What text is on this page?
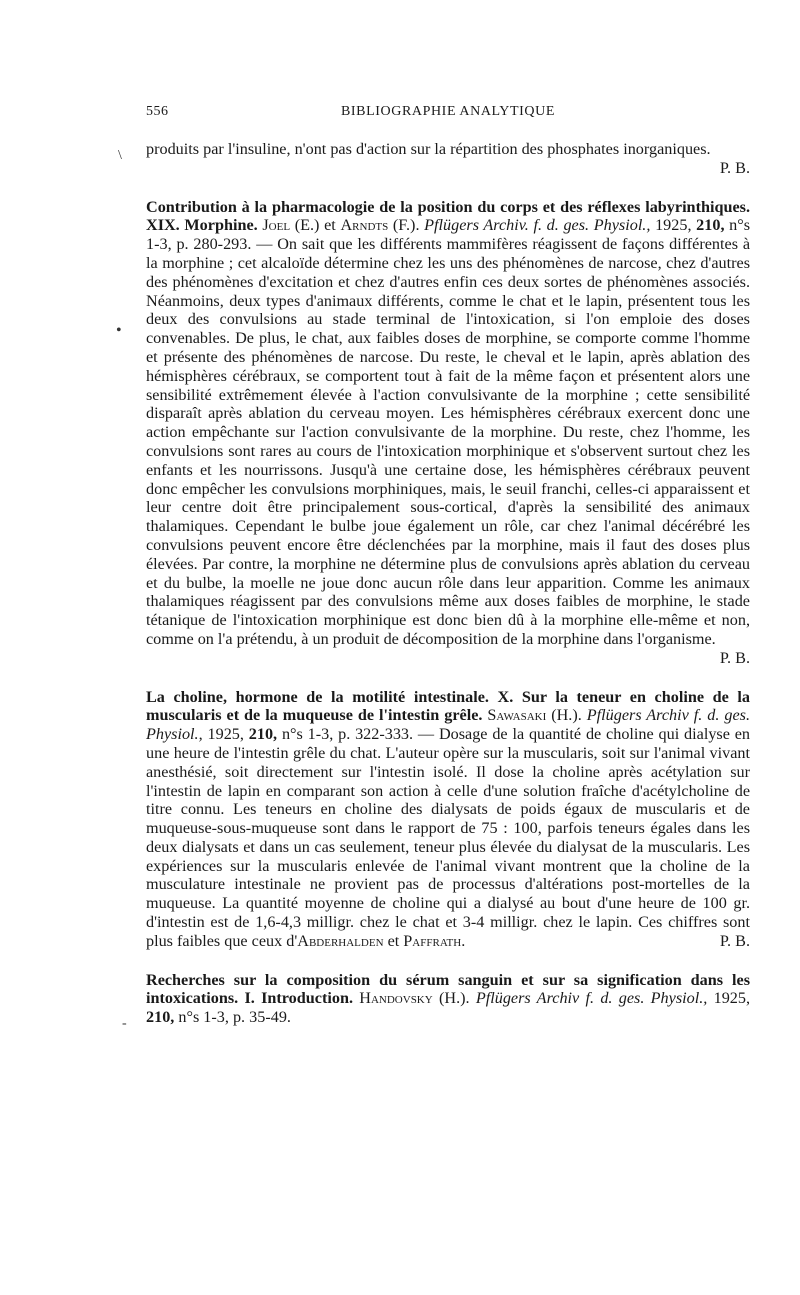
\
•
-
556	BIBLIOGRAPHIE ANALYTIQUE

produits par l'insuline, n'ont pas d'action sur la répartition des phosphates inorganiques.
P. B.

Contribution à la pharmacologie de la position du corps et des réflexes labyrinthiques. XIX. Morphine. Joel (E.) et Arndts (F.). Pflügers Archiv. f. d. ges. Physiol., 1925, 210, n°s 1-3, p. 280-293. — On sait que les différents mammifères réagissent de façons différentes à la morphine ; cet alcaloïde détermine chez les uns des phénomènes de narcose, chez d'autres des phénomènes d'excitation et chez d'autres enfin ces deux sortes de phénomènes associés. Néanmoins, deux types d'animaux différents, comme le chat et le lapin, présentent tous les deux des convulsions au stade terminal de l'intoxication, si l'on emploie des doses convenables. De plus, le chat, aux faibles doses de morphine, se comporte comme l'homme et présente des phénomènes de narcose. Du reste, le cheval et le lapin, après ablation des hémisphères cérébraux, se comportent tout à fait de la même façon et présentent alors une sensibilité extrêmement élevée à l'action convulsivante de la morphine ; cette sensibilité disparaît après ablation du cerveau moyen. Les hémisphères cérébraux exercent donc une action empêchante sur l'action convulsivante de la morphine. Du reste, chez l'homme, les convulsions sont rares au cours de l'intoxication morphinique et s'observent surtout chez les enfants et les nourrissons. Jusqu'à une certaine dose, les hémisphères cérébraux peuvent donc empêcher les convulsions morphiniques, mais, le seuil franchi, celles-ci apparaissent et leur centre doit être principalement sous-cortical, d'après la sensibilité des animaux thalamiques. Cependant le bulbe joue également un rôle, car chez l'animal décérébré les convulsions peuvent encore être déclenchées par la morphine, mais il faut des doses plus élevées. Par contre, la morphine ne détermine plus de convulsions après ablation du cerveau et du bulbe, la moelle ne joue donc aucun rôle dans leur apparition. Comme les animaux thalamiques réagissent par des convulsions même aux doses faibles de morphine, le stade tétanique de l'intoxication morphinique est donc bien dû à la morphine elle-même et non, comme on l'a prétendu, à un produit de décomposition de la morphine dans l'organisme.
P. B.

La choline, hormone de la motilité intestinale. X. Sur la teneur en choline de la muscularis et de la muqueuse de l'intestin grêle. Sawasaki (H.). Pflügers Archiv f. d. ges. Physiol., 1925, 210, n°s 1-3, p. 322-333. — Dosage de la quantité de choline qui dialyse en une heure de l'intestin grêle du chat. L'auteur opère sur la muscularis, soit sur l'animal vivant anesthésié, soit directement sur l'intestin isolé. Il dose la choline après acétylation sur l'intestin de lapin en comparant son action à celle d'une solution fraîche d'acétylcholine de titre connu. Les teneurs en choline des dialysats de poids égaux de muscularis et de muqueuse-sous-muqueuse sont dans le rapport de 75 : 100, parfois teneurs égales dans les deux dialysats et dans un cas seulement, teneur plus élevée du dialysat de la muscularis. Les expériences sur la muscularis enlevée de l'animal vivant montrent que la choline de la musculature intestinale ne provient pas de processus d'altérations post-mortelles de la muqueuse. La quantité moyenne de choline qui a dialysé au bout d'une heure de 100 gr. d'intestin est de 1,6-4,3 milligr. chez le chat et 3-4 milligr. chez le lapin. Ces chiffres sont plus faibles que ceux d'Abderhalden et Paffrath.	P. B.

Recherches sur la composition du sérum sanguin et sur sa signification dans les intoxications. I. Introduction. Handovsky (H.). Pflügers Archiv f. d. ges. Physiol., 1925, 210, n°s 1-3, p. 35-49.
